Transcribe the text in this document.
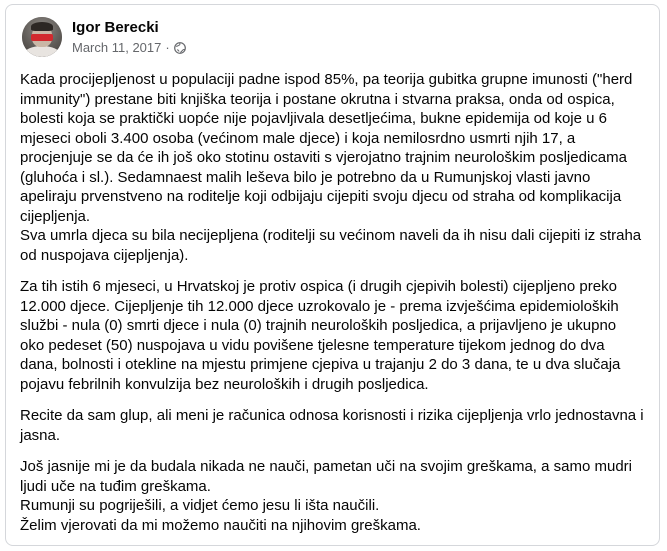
Igor Berecki
March 11, 2017 ·

Kada procijepljenost u populaciji padne ispod 85%, pa teorija gubitka grupne imunosti ("herd
immunity") prestane biti knjiška teorija i postane okrutna i stvarna praksa, onda od ospica,
bolesti koja se praktički uopće nije pojavljivala desetljećima, bukne epidemija od koje u 6
mjeseci oboli 3.400 osoba (većinom male djece) i koja nemilosrdno usmrti njih 17, a
procjenjuje se da će ih još oko stotinu ostaviti s vjerojatno trajnim neurološkim posljedicama
(gluhoća i sl.). Sedamnaest malih leševa bilo je potrebno da u Rumunjskoj vlasti javno
apeliraju prvenstveno na roditelje koji odbijaju cijepiti svoju djecu od straha od komplikacija
cijepljenja.
Sva umrla djeca su bila necijepljena (roditelji su većinom naveli da ih nisu dali cijepiti iz straha
od nuspojava cijepljenja).

Za tih istih 6 mjeseci, u Hrvatskoj je protiv ospica (i drugih cjepivih bolesti) cijepljeno preko
12.000 djece. Cijepljenje tih 12.000 djece uzrokovalo je - prema izvješćima epidemioloških
službi - nula (0) smrti djece i nula (0) trajnih neuroloških posljedica, a prijavljeno je ukupno
oko pedeset (50) nuspojava u vidu povišene tjelesne temperature tijekom jednog do dva
dana, bolnosti i otekline na mjestu primjene cjepiva u trajanju 2 do 3 dana, te u dva slučaja
pojavu febrilnih konvulzija bez neuroloških i drugih posljedica.

Recite da sam glup, ali meni je računica odnosa korisnosti i rizika cijepljenja vrlo jednostavna i
jasna.

Još jasnije mi je da budala nikada ne nauči, pametan uči na svojim greškama, a samo mudri
ljudi uče na tuđim greškama.
Rumunji su pogriješili, a vidjet ćemo jesu li išta naučili.
Želim vjerovati da mi možemo naučiti na njihovim greškama.
